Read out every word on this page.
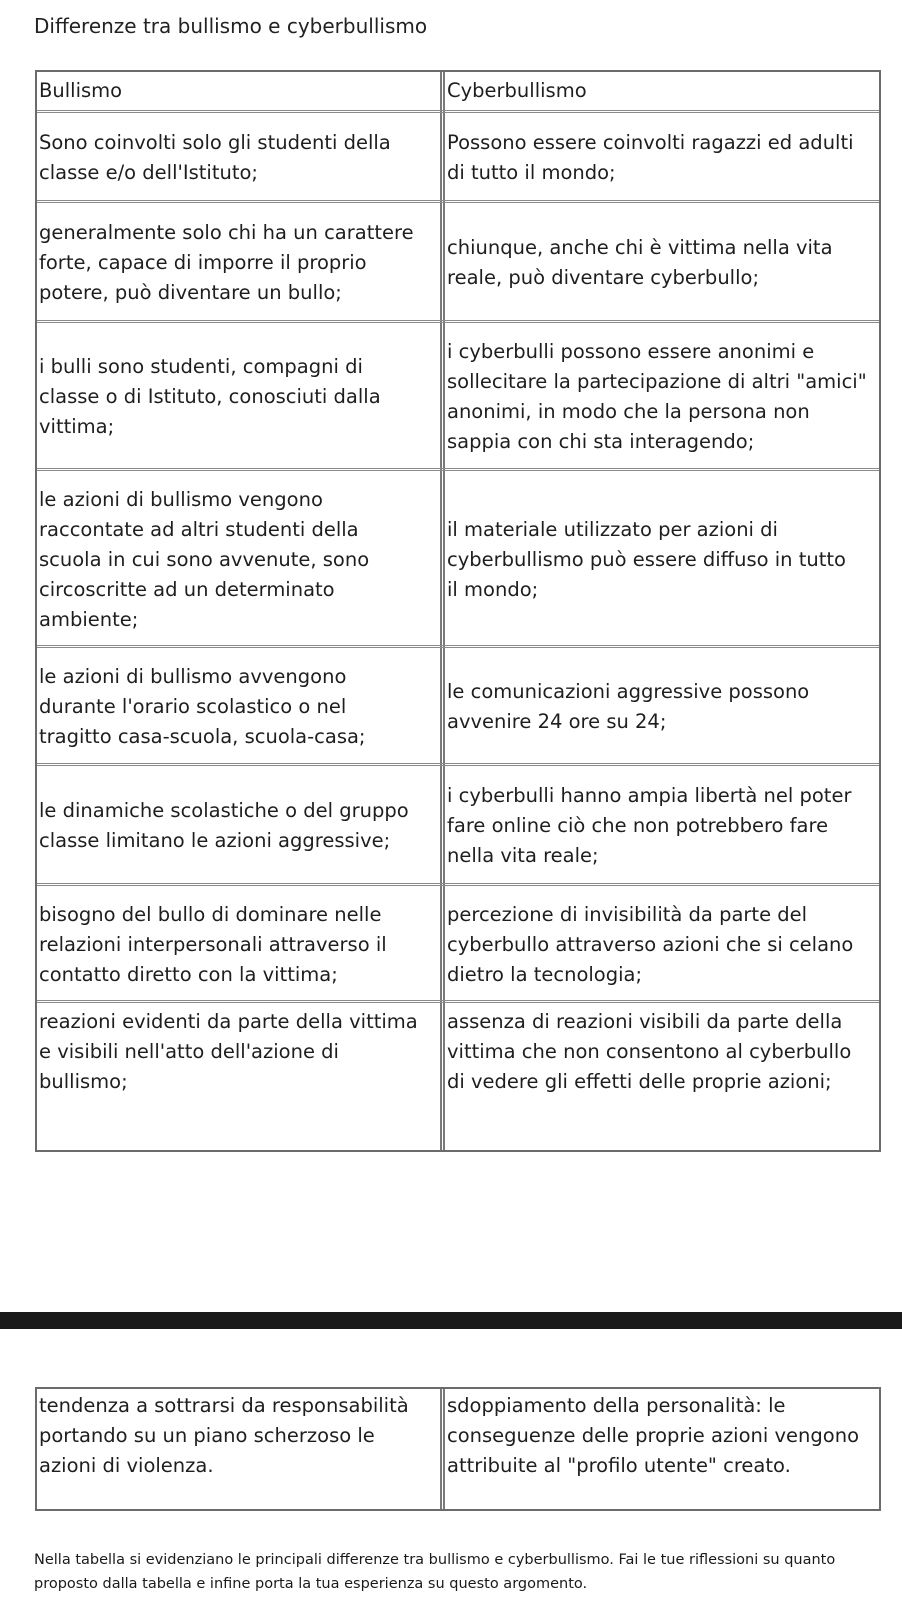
Differenze tra bullismo e cyberbullismo
Bullismo	Cyberbullismo
Sono coinvolti solo gli studenti della
classe e/o dell'Istituto;
Possono essere coinvolti ragazzi ed adulti
di tutto il mondo;
generalmente solo chi ha un carattere
forte, capace di imporre il proprio
potere, può diventare un bullo;
chiunque, anche chi è vittima nella vita
reale, può diventare cyberbullo;
i bulli sono studenti, compagni di
classe o di Istituto, conosciuti dalla
vittima;
i cyberbulli possono essere anonimi e
sollecitare la partecipazione di altri "amici"
anonimi, in modo che la persona non
sappia con chi sta interagendo;
le azioni di bullismo vengono
raccontate ad altri studenti della
scuola in cui sono avvenute, sono
circoscritte ad un determinato
ambiente;
il materiale utilizzato per azioni di
cyberbullismo può essere diffuso in tutto
il mondo;
le azioni di bullismo avvengono
durante l'orario scolastico o nel
tragitto casa-scuola, scuola-casa;
le comunicazioni aggressive possono
avvenire 24 ore su 24;
le dinamiche scolastiche o del gruppo
classe limitano le azioni aggressive;
i cyberbulli hanno ampia libertà nel poter
fare online ciò che non potrebbero fare
nella vita reale;
bisogno del bullo di dominare nelle
relazioni interpersonali attraverso il
contatto diretto con la vittima;
percezione di invisibilità da parte del
cyberbullo attraverso azioni che si celano
dietro la tecnologia;
reazioni evidenti da parte della vittima
e visibili nell'atto dell'azione di
bullismo;
assenza di reazioni visibili da parte della
vittima che non consentono al cyberbullo
di vedere gli effetti delle proprie azioni;
tendenza a sottrarsi da responsabilità
portando su un piano scherzoso le
azioni di violenza.
sdoppiamento della personalità: le
conseguenze delle proprie azioni vengono
attribuite al "profilo utente" creato.
Nella tabella si evidenziano le principali differenze tra bullismo e cyberbullismo. Fai le tue riflessioni su quanto proposto dalla tabella e infine porta la tua esperienza su questo argomento.
